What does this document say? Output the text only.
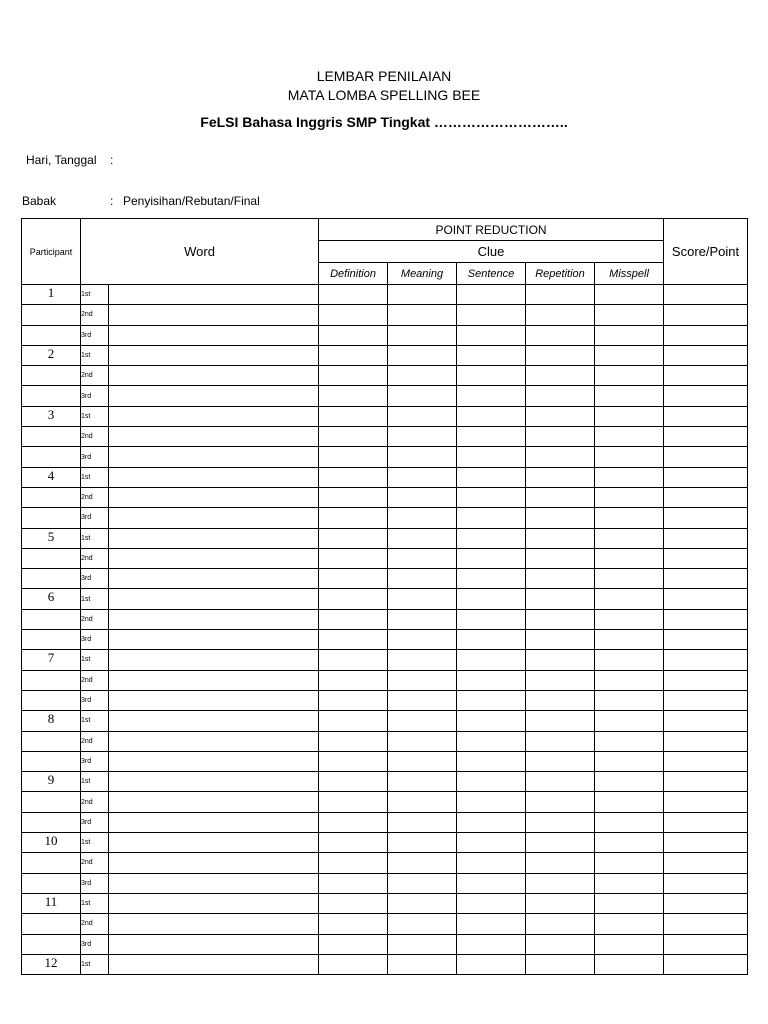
LEMBAR PENILAIAN
MATA LOMBA SPELLING BEE
FeLSI Bahasa Inggris SMP Tingkat ………………………..
Hari, Tanggal :
Babak	: Penyisihan/Rebutan/Final
Participant	Word		POINT REDUCTION					Score/Point
			Clue					
			Definition	Meaning	Sentence	Repetition	Misspell	
1	1st							
	2nd							
	3rd							
2	1st							
	2nd							
	3rd							
3	1st							
	2nd							
	3rd							
4	1st							
	2nd							
	3rd							
5	1st							
	2nd							
	3rd							
6	1st							
	2nd							
	3rd							
7	1st							
	2nd							
	3rd							
8	1st							
	2nd							
	3rd							
9	1st							
	2nd							
	3rd							
10	1st							
	2nd							
	3rd							
11	1st							
	2nd							
	3rd							
12	1st							
